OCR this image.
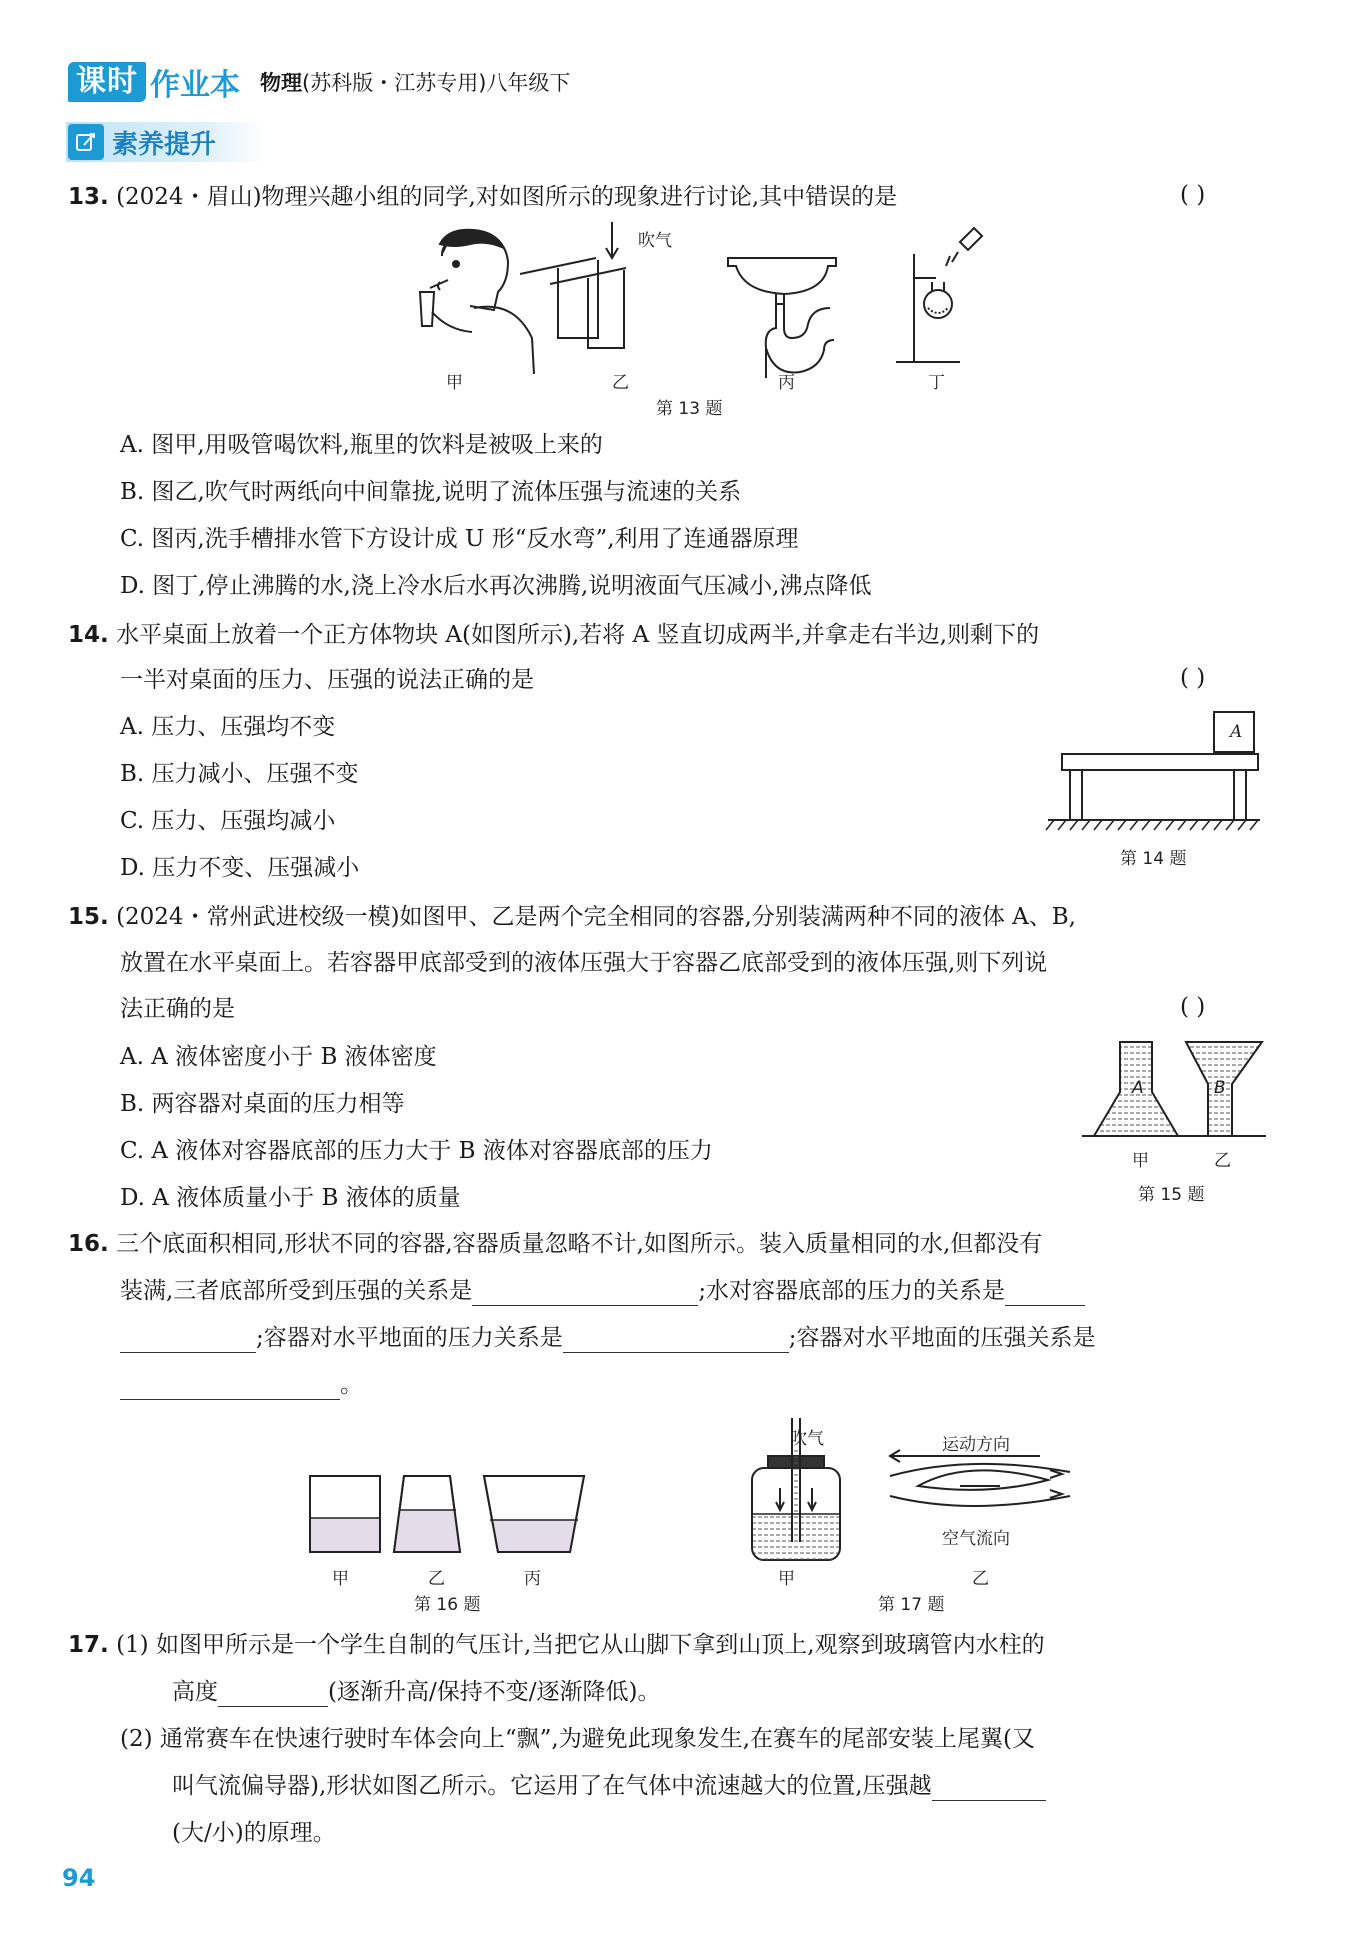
课时 作业本 物理(苏科版・江苏专用)八年级下
素养提升
13. (2024・眉山)物理兴趣小组的同学,对如图所示的现象进行讨论,其中错误的是	( )
吹气
甲	乙	丙	丁
第 13 题
A. 图甲,用吸管喝饮料,瓶里的饮料是被吸上来的
B. 图乙,吹气时两纸向中间靠拢,说明了流体压强与流速的关系
C. 图丙,洗手槽排水管下方设计成 U 形“反水弯”,利用了连通器原理
D. 图丁,停止沸腾的水,浇上冷水后水再次沸腾,说明液面气压减小,沸点降低
14. 水平桌面上放着一个正方体物块 A(如图所示),若将 A 竖直切成两半,并拿走右半边,则剩下的
一半对桌面的压力、压强的说法正确的是	( )
A. 压力、压强均不变
B. 压力减小、压强不变
C. 压力、压强均减小
D. 压力不变、压强减小
A
第 14 题
15. (2024・常州武进校级一模)如图甲、乙是两个完全相同的容器,分别装满两种不同的液体 A、B,
放置在水平桌面上。若容器甲底部受到的液体压强大于容器乙底部受到的液体压强,则下列说
法正确的是	( )
A. A 液体密度小于 B 液体密度
B. 两容器对桌面的压力相等
C. A 液体对容器底部的压力大于 B 液体对容器底部的压力
D. A 液体质量小于 B 液体的质量
A	B
甲	乙
第 15 题
16. 三个底面积相同,形状不同的容器,容器质量忽略不计,如图所示。装入质量相同的水,但都没有
装满,三者底部所受到压强的关系是	;水对容器底部的压力的关系是
;容器对水平地面的压力关系是	;容器对水平地面的压强关系是
。
甲	乙	丙
第 16 题
吹气	运动方向
空气流向
甲	乙
第 17 题
17. (1) 如图甲所示是一个学生自制的气压计,当把它从山脚下拿到山顶上,观察到玻璃管内水柱的
高度	(逐渐升高/保持不变/逐渐降低)。
(2) 通常赛车在快速行驶时车体会向上“飘”,为避免此现象发生,在赛车的尾部安装上尾翼(又
叫气流偏导器),形状如图乙所示。它运用了在气体中流速越大的位置,压强越
(大/小)的原理。
94
